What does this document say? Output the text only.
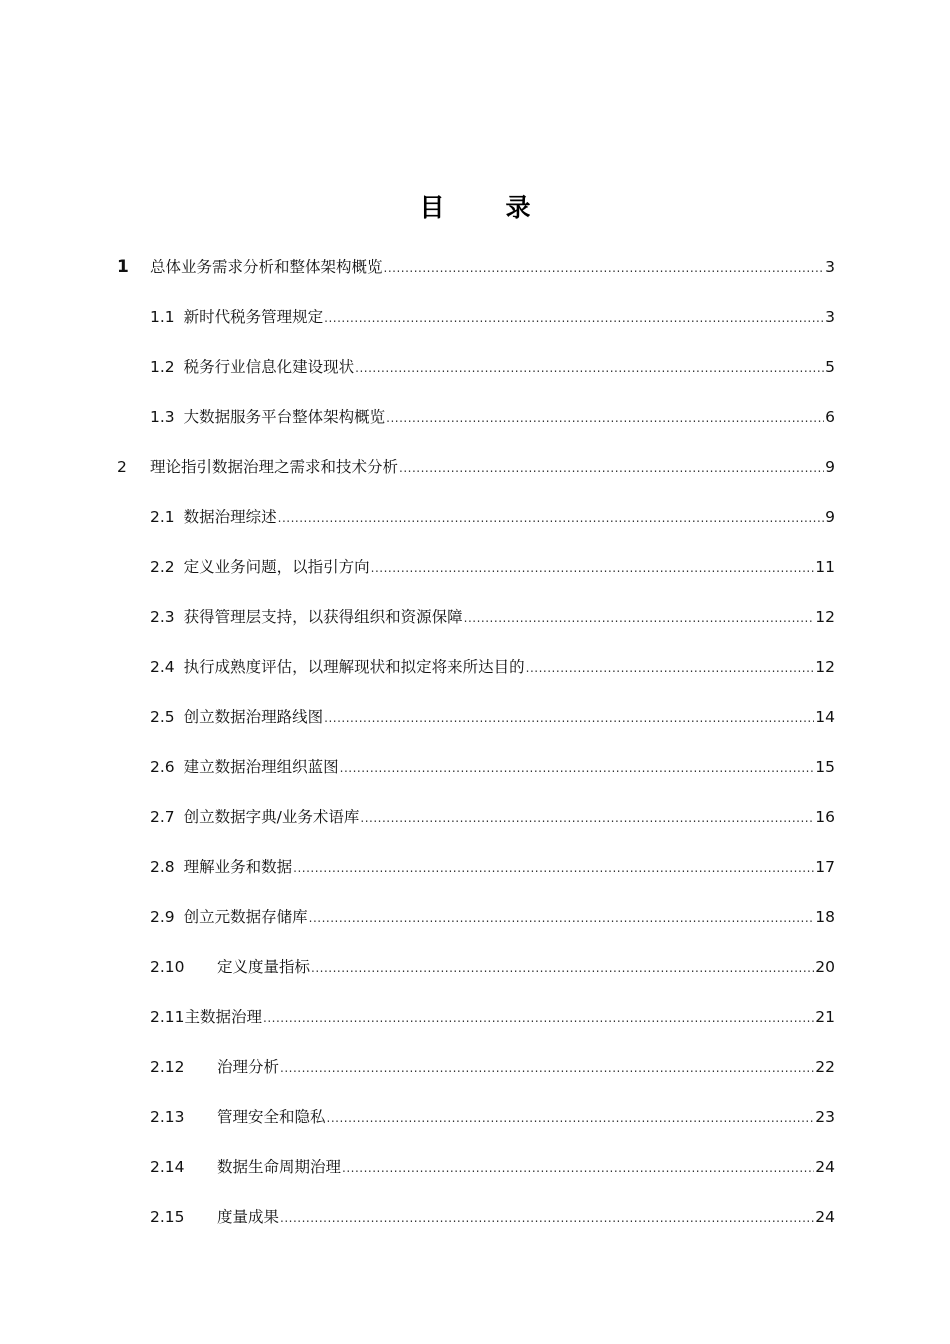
目　录
1	总体业务需求分析和整体架构概览 .....	3
1.1 新时代税务管理规定 .....	3
1.2 税务行业信息化建设现状 .....	5
1.3 大数据服务平台整体架构概览 .....	6
2	理论指引数据治理之需求和技术分析 .....	9
2.1 数据治理综述 .....	9
2.2 定义业务问题，以指引方向 .....	11
2.3 获得管理层支持，以获得组织和资源保障 .....	12
2.4 执行成熟度评估，以理解现状和拟定将来所达目的 .....	12
2.5 创立数据治理路线图 .....	14
2.6 建立数据治理组织蓝图 .....	15
2.7 创立数据字典/业务术语库 .....	16
2.8 理解业务和数据 .....	17
2.9 创立元数据存储库 .....	18
2.10 定义度量指标 .....	20
2.11 主数据治理 .....	21
2.12 治理分析 .....	22
2.13 管理安全和隐私 .....	23
2.14 数据生命周期治理 .....	24
2.15 度量成果 .....	24
